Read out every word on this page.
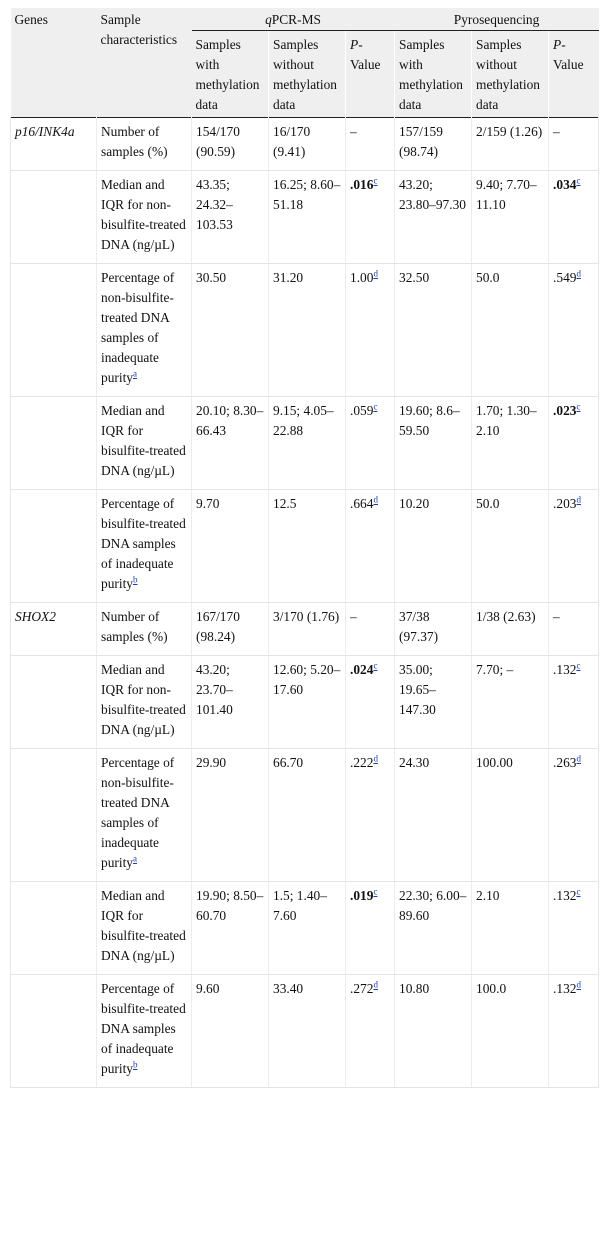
Genes	Sample characteristics	qPCR-MS			Pyrosequencing		
		Samples with methylation data	Samples without methylation data	P-Value	Samples with methylation data	Samples without methylation data	P-Value
p16/INK4a	Number of samples (%)	154/170 (90.59)	16/170 (9.41)	–	157/159 (98.74)	2/159 (1.26)	–
	Median and IQR for non-bisulfite-treated DNA (ng/µL)	43.35; 24.32–103.53	16.25; 8.60–51.18	.016$^c$	43.20; 23.80–97.30	9.40; 7.70–11.10	.034$^c$
	Percentage of non-bisulfite-treated DNA samples of inadequate purity$^a$	30.50	31.20	1.00$^d$	32.50	50.0	.549$^d$
	Median and IQR for bisulfite-treated DNA (ng/µL)	20.10; 8.30–66.43	9.15; 4.05–22.88	.059$^c$	19.60; 8.6–59.50	1.70; 1.30–2.10	.023$^c$
	Percentage of bisulfite-treated DNA samples of inadequate purity$^b$	9.70	12.5	.664$^d$	10.20	50.0	.203$^d$
SHOX2	Number of samples (%)	167/170 (98.24)	3/170 (1.76)	–	37/38 (97.37)	1/38 (2.63)	–
	Median and IQR for non-bisulfite-treated DNA (ng/µL)	43.20; 23.70–101.40	12.60; 5.20–17.60	.024$^c$	35.00; 19.65–147.30	7.70; –	.132$^c$
	Percentage of non-bisulfite-treated DNA samples of inadequate purity$^a$	29.90	66.70	.222$^d$	24.30	100.00	.263$^d$
	Median and IQR for bisulfite-treated DNA (ng/µL)	19.90; 8.50–60.70	1.5; 1.40–7.60	.019$^c$	22.30; 6.00–89.60	2.10	.132$^c$
	Percentage of bisulfite-treated DNA samples of inadequate purity$^b$	9.60	33.40	.272$^d$	10.80	100.0	.132$^d$
